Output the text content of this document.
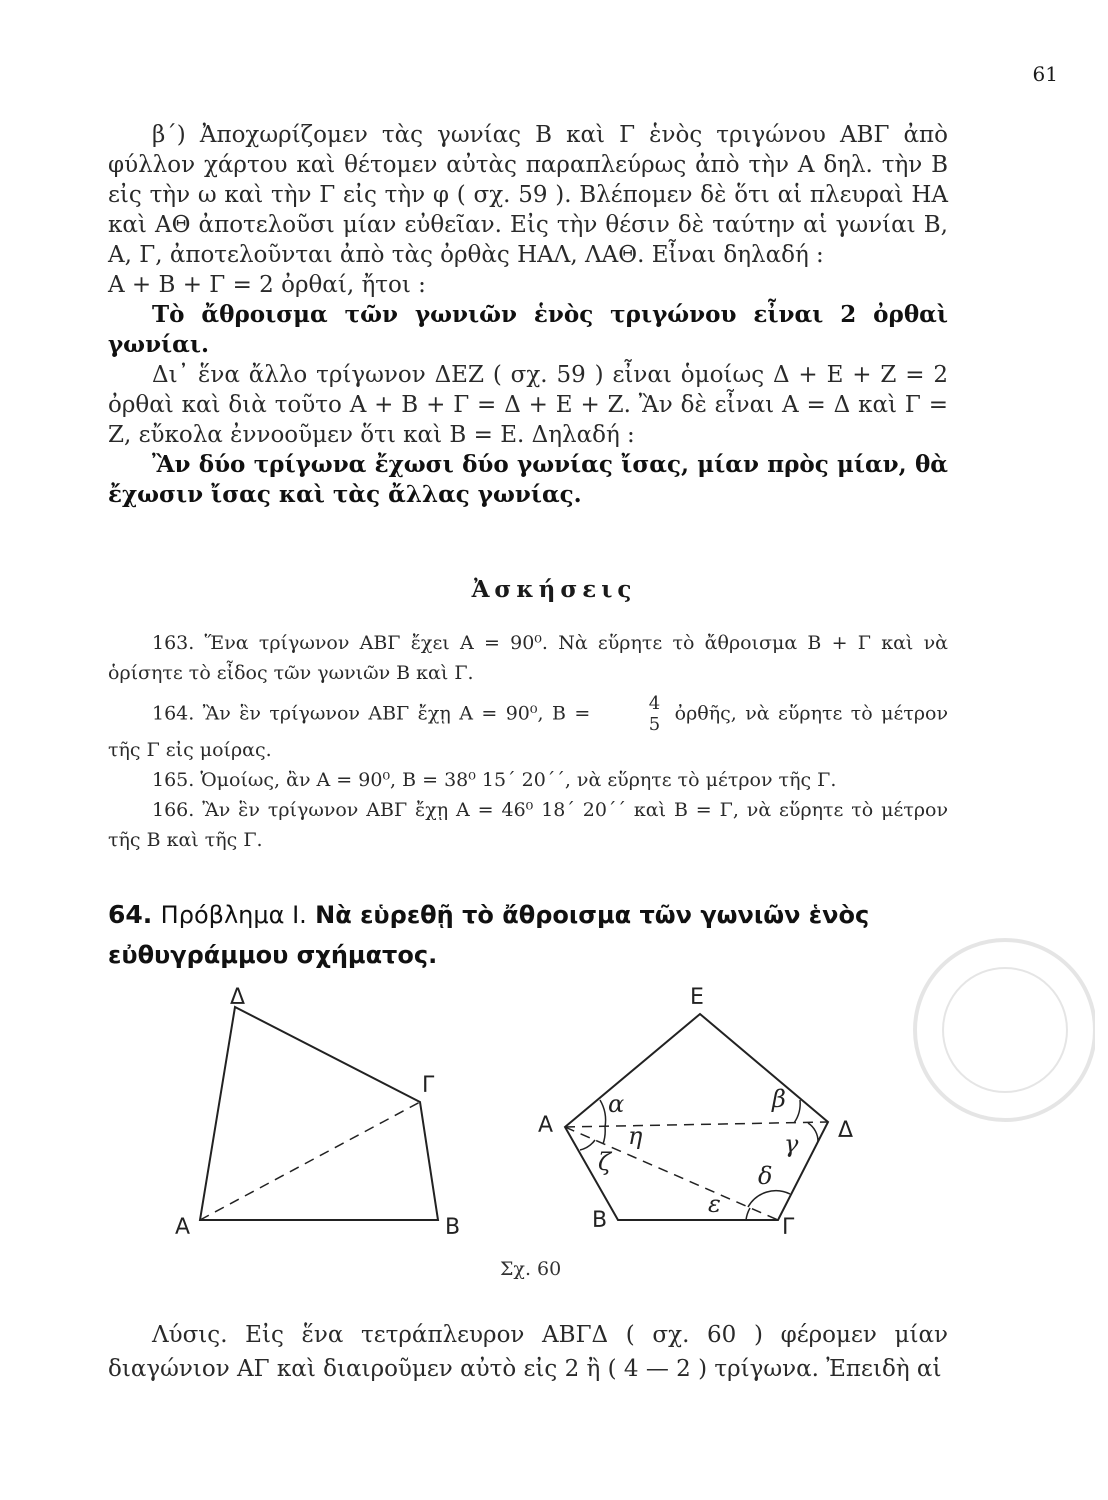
61

β΄) Ἀποχωρίζομεν τὰς γωνίας Β καὶ Γ ἑνὸς τριγώνου ΑΒΓ ἀπὸ φύλλον χάρτου καὶ θέτομεν αὐτὰς παραπλεύρως ἀπὸ τὴν Α δηλ. τὴν Β εἰς τὴν ω καὶ τὴν Γ εἰς τὴν φ ( σχ. 59 ). Βλέπομεν δὲ ὅτι αἱ πλευραὶ ΗΑ καὶ ΑΘ ἀποτελοῦσι μίαν εὐθεῖαν. Εἰς τὴν θέσιν δὲ ταύτην αἱ γωνίαι Β, Α, Γ, ἀποτελοῦνται ἀπὸ τὰς ὀρθὰς ΗΑΛ, ΛΑΘ. Εἶναι δηλαδή :

Α + Β + Γ = 2 ὀρθαί, ἤτοι :

Τὸ ἄθροισμα τῶν γωνιῶν ἑνὸς τριγώνου εἶναι 2 ὀρθαὶ γωνίαι.

Δι᾽ ἕνα ἄλλο τρίγωνον ΔΕΖ ( σχ. 59 ) εἶναι ὁμοίως Δ + Ε + Ζ = 2 ὀρθαὶ καὶ διὰ τοῦτο Α + Β + Γ = Δ + Ε + Ζ. Ἂν δὲ εἶναι Α = Δ καὶ Γ = Ζ, εὔκολα ἐννοοῦμεν ὅτι καὶ Β = Ε. Δηλαδή :

Ἂν δύο τρίγωνα ἔχωσι δύο γωνίας ἴσας, μίαν πρὸς μίαν, θὰ ἔχωσιν ἴσας καὶ τὰς ἄλλας γωνίας.

Ἀσκήσεις

163. Ἕνα τρίγωνον ΑΒΓ ἔχει Α = 90⁰. Νὰ εὕρητε τὸ ἄθροισμα Β + Γ καὶ νὰ ὁρίσητε τὸ εἶδος τῶν γωνιῶν Β καὶ Γ.

164. Ἂν ἓν τρίγωνον ΑΒΓ ἔχῃ Α = 90⁰, $B = \frac{4}{5}$ ὀρθῆς, νὰ εὕρητε τὸ μέτρον τῆς Γ εἰς μοίρας.

165. Ὁμοίως, ἂν Α = 90⁰, Β = 38⁰ 15΄ 20΄΄, νὰ εὕρητε τὸ μέτρον τῆς Γ.

166. Ἂν ἓν τρίγωνον ΑΒΓ ἔχῃ Α = 46⁰ 18΄ 20΄΄ καὶ Β = Γ, νὰ εὕρητε τὸ μέτρον τῆς Β καὶ τῆς Γ.

64. Πρόβλημα Ι. Νὰ εὑρεθῇ τὸ ἄθροισμα τῶν γωνιῶν ἑνὸς εὐθυγράμμου σχήματος.
Δ
Γ
Α	Β
Ε
Α	Δ
Β	Γ
α	β
γ
δ
ε
ζ
η
Σχ. 60

Λύσις. Εἰς ἕνα τετράπλευρον ΑΒΓΔ ( σχ. 60 ) φέρομεν μίαν διαγώνιον ΑΓ καὶ διαιροῦμεν αὐτὸ εἰς 2 ἢ ( 4 — 2 ) τρίγωνα. Ἐπειδὴ αἱ
